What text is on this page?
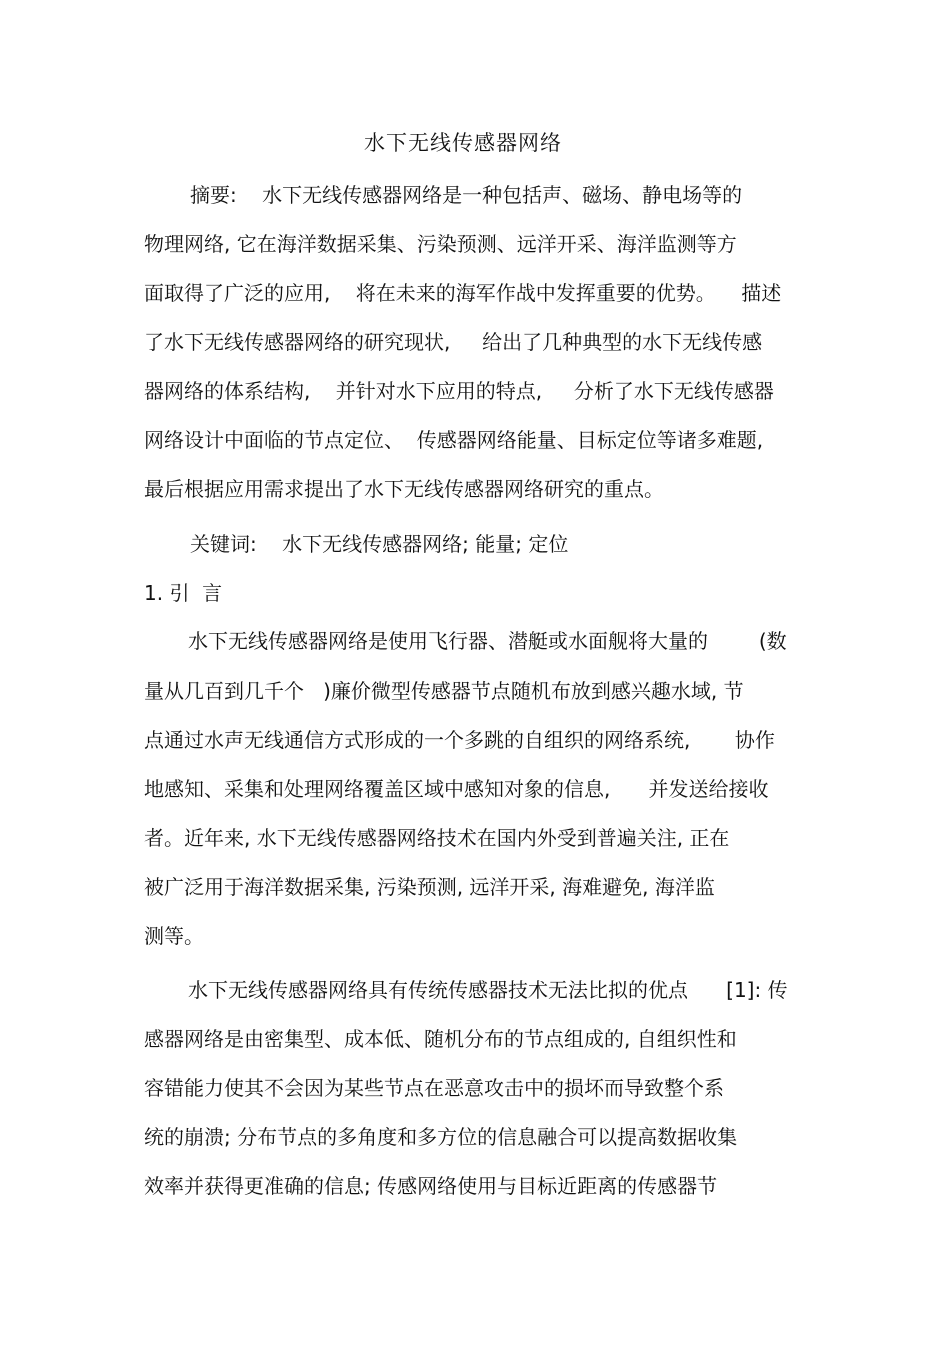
水下无线传感器网络
摘要:    水下无线传感器网络是一种包括声、磁场、静电场等的
物理网络, 它在海洋数据采集、污染预测、远洋开采、海洋监测等方
面取得了广泛的应用,    将在未来的海军作战中发挥重要的优势。    描述
了水下无线传感器网络的研究现状,     给出了几种典型的水下无线传感
器网络的体系结构,    并针对水下应用的特点,     分析了水下无线传感器
网络设计中面临的节点定位、  传感器网络能量、目标定位等诸多难题,
最后根据应用需求提出了水下无线传感器网络研究的重点。
关键词:    水下无线传感器网络; 能量; 定位
1. 引  言
水下无线传感器网络是使用飞行器、潜艇或水面舰将大量的        (数
量从几百到几千个   )廉价微型传感器节点随机布放到感兴趣水域, 节
点通过水声无线通信方式形成的一个多跳的自组织的网络系统,       协作
地感知、采集和处理网络覆盖区域中感知对象的信息,      并发送给接收
者。近年来, 水下无线传感器网络技术在国内外受到普遍关注, 正在
被广泛用于海洋数据采集, 污染预测, 远洋开采, 海难避免, 海洋监
测等。
水下无线传感器网络具有传统传感器技术无法比拟的优点      [1]: 传
感器网络是由密集型、成本低、随机分布的节点组成的, 自组织性和
容错能力使其不会因为某些节点在恶意攻击中的损坏而导致整个系
统的崩溃; 分布节点的多角度和多方位的信息融合可以提高数据收集
效率并获得更准确的信息; 传感网络使用与目标近距离的传感器节
